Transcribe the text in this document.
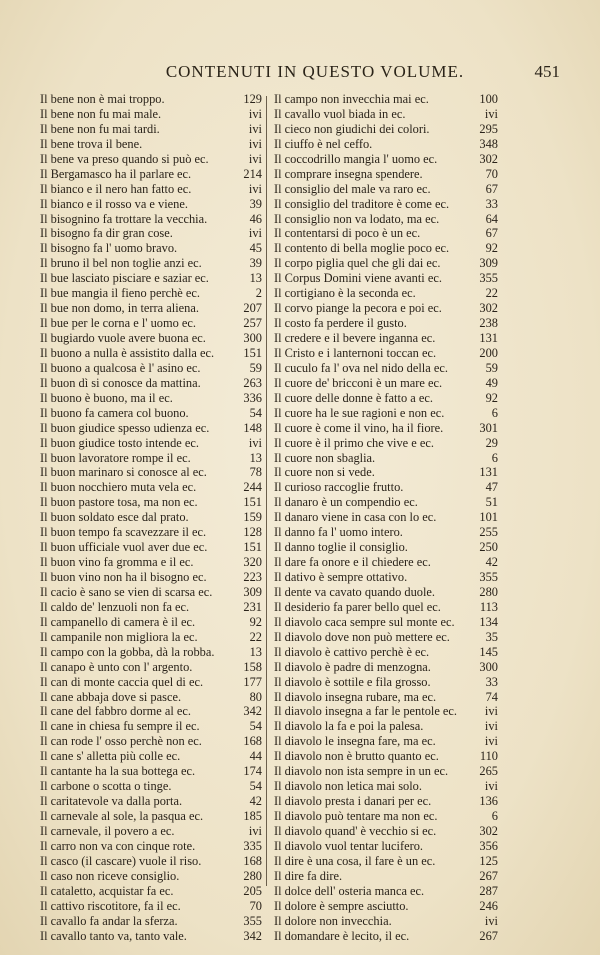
CONTENUTI IN QUESTO VOLUME.	451
Il bene non è mai troppo.	129
Il bene non fu mai male.	ivi
Il bene non fu mai tardi.	ivi
Il bene trova il bene.	ivi
Il bene va preso quando si può ec.	ivi
Il Bergamasco ha il parlare ec.	214
Il bianco e il nero han fatto ec.	ivi
Il bianco e il rosso va e viene.	39
Il bisognino fa trottare la vecchia.	46
Il bisogno fa dir gran cose.	ivi
Il bisogno fa l' uomo bravo.	45
Il bruno il bel non toglie anzi ec.	39
Il bue lasciato pisciare e saziar ec.	13
Il bue mangia il fieno perchè ec.	2
Il bue non domo, in terra aliena.	207
Il bue per le corna e l' uomo ec.	257
Il bugiardo vuole avere buona ec.	300
Il buono a nulla è assistito dalla ec.	151
Il buono a qualcosa è l' asino ec.	59
Il buon dì si conosce da mattina.	263
Il buono è buono, ma il ec.	336
Il buono fa camera col buono.	54
Il buon giudice spesso udienza ec.	148
Il buon giudice tosto intende ec.	ivi
Il buon lavoratore rompe il ec.	13
Il buon marinaro si conosce al ec.	78
Il buon nocchiero muta vela ec.	244
Il buon pastore tosa, ma non ec.	151
Il buon soldato esce dal prato.	159
Il buon tempo fa scavezzare il ec.	128
Il buon ufficiale vuol aver due ec.	151
Il buon vino fa gromma e il ec.	320
Il buon vino non ha il bisogno ec.	223
Il cacio è sano se vien di scarsa ec.	309
Il caldo de' lenzuoli non fa ec.	231
Il campanello di camera è il ec.	92
Il campanile non migliora la ec.	22
Il campo con la gobba, dà la robba.	13
Il canapo è unto con l' argento.	158
Il can di monte caccia quel di ec.	177
Il cane abbaja dove si pasce.	80
Il cane del fabbro dorme al ec.	342
Il cane in chiesa fu sempre il ec.	54
Il can rode l' osso perchè non ec.	168
Il cane s' alletta più colle ec.	44
Il cantante ha la sua bottega ec.	174
Il carbone o scotta o tinge.	54
Il caritatevole va dalla porta.	42
Il carnevale al sole, la pasqua ec.	185
Il carnevale, il povero a ec.	ivi
Il carro non va con cinque rote.	335
Il casco (il cascare) vuole il riso.	168
Il caso non riceve consiglio.	280
Il cataletto, acquistar fa ec.	205
Il cattivo riscotitore, fa il ec.	70
Il cavallo fa andar la sferza.	355
Il cavallo tanto va, tanto vale.	342
Il campo non invecchia mai ec.	100
Il cavallo vuol biada in ec.	ivi
Il cieco non giudichi dei colori.	295
Il ciuffo è nel ceffo.	348
Il coccodrillo mangia l' uomo ec.	302
Il comprare insegna spendere.	70
Il consiglio del male va raro ec.	67
Il consiglio del traditore è come ec.	33
Il consiglio non va lodato, ma ec.	64
Il contentarsi di poco è un ec.	67
Il contento di bella moglie poco ec.	92
Il corpo piglia quel che gli dai ec.	309
Il Corpus Domini viene avanti ec.	355
Il cortigiano è la seconda ec.	22
Il corvo piange la pecora e poi ec.	302
Il costo fa perdere il gusto.	238
Il credere e il bevere inganna ec.	131
Il Cristo e i lanternoni toccan ec.	200
Il cuculo fa l' ova nel nido della ec.	59
Il cuore de' bricconi è un mare ec.	49
Il cuore delle donne è fatto a ec.	92
Il cuore ha le sue ragioni e non ec.	6
Il cuore è come il vino, ha il fiore.	301
Il cuore è il primo che vive e ec.	29
Il cuore non sbaglia.	6
Il cuore non si vede.	131
Il curioso raccoglie frutto.	47
Il danaro è un compendio ec.	51
Il danaro viene in casa con lo ec.	101
Il danno fa l' uomo intero.	255
Il danno toglie il consiglio.	250
Il dare fa onore e il chiedere ec.	42
Il dativo è sempre ottativo.	355
Il dente va cavato quando duole.	280
Il desiderio fa parer bello quel ec.	113
Il diavolo caca sempre sul monte ec.	134
Il diavolo dove non può mettere ec.	35
Il diavolo è cattivo perchè è ec.	145
Il diavolo è padre di menzogna.	300
Il diavolo è sottile e fila grosso.	33
Il diavolo insegna rubare, ma ec.	74
Il diavolo insegna a far le pentole ec.	ivi
Il diavolo la fa e poi la palesa.	ivi
Il diavolo le insegna fare, ma ec.	ivi
Il diavolo non è brutto quanto ec.	110
Il diavolo non ista sempre in un ec.	265
Il diavolo non letica mai solo.	ivi
Il diavolo presta i danari per ec.	136
Il diavolo può tentare ma non ec.	6
Il diavolo quand' è vecchio si ec.	302
Il diavolo vuol tentar lucifero.	356
Il dire è una cosa, il fare è un ec.	125
Il dire fa dire.	267
Il dolce dell' osteria manca ec.	287
Il dolore è sempre asciutto.	246
Il dolore non invecchia.	ivi
Il domandare è lecito, il ec.	267
